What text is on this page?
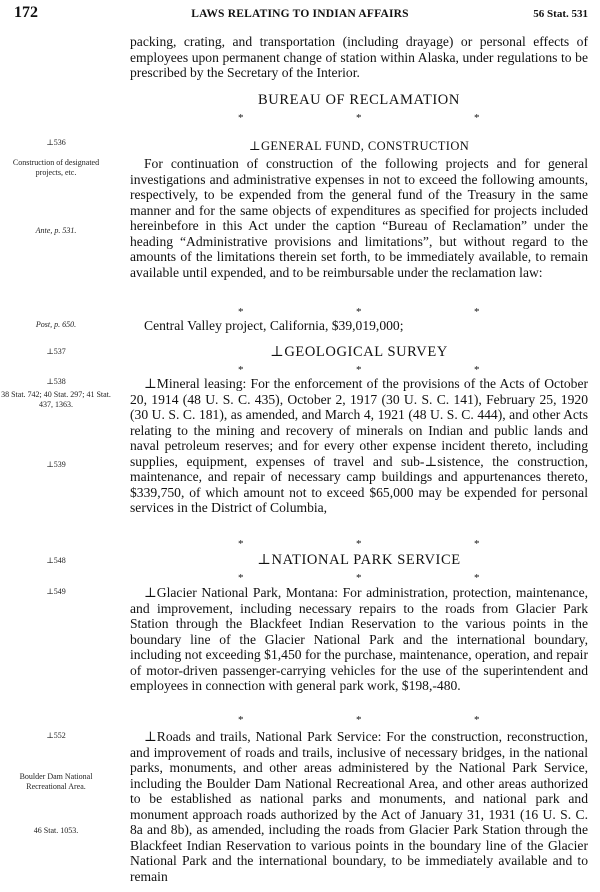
172	LAWS RELATING TO INDIAN AFFAIRS	56 Stat. 531
packing, crating, and transportation (including drayage) or personal effects of employees upon permanent change of station within Alaska, under regulations to be prescribed by the Secretary of the Interior.
BUREAU OF RECLAMATION
*	*	*
⊥536	⊥GENERAL FUND, CONSTRUCTION
Construction of designated projects, etc.
Ante, p. 531.
For continuation of construction of the following projects and for general investigations and administrative expenses in not to exceed the following amounts, respectively, to be expended from the general fund of the Treasury in the same manner and for the same objects of expenditures as specified for projects included hereinbefore in this Act under the caption “Bureau of Reclamation” under the heading “Administrative provisions and limitations”, but without regard to the amounts of the limitations therein set forth, to be immediately available, to remain available until expended, and to be reimbursable under the reclamation law:
*	*	*
Post, p. 650.	Central Valley project, California, $39,019,000;
⊥537	⊥GEOLOGICAL SURVEY
*	*	*
⊥538
38 Stat. 742; 40 Stat. 297; 41 Stat. 437, 1363.
⊥539
⊥Mineral leasing: For the enforcement of the provisions of the Acts of October 20, 1914 (48 U. S. C. 435), October 2, 1917 (30 U. S. C. 141), February 25, 1920 (30 U. S. C. 181), as amended, and March 4, 1921 (48 U. S. C. 444), and other Acts relating to the mining and recovery of minerals on Indian and public lands and naval petroleum reserves; and for every other expense incident thereto, including supplies, equipment, expenses of travel and sub-⊥sistence, the construction, maintenance, and repair of necessary camp buildings and appurtenances thereto, $339,750, of which amount not to exceed $65,000 may be expended for personal services in the District of Columbia,
*	*	*
⊥548	⊥NATIONAL PARK SERVICE
*	*	*
⊥549	⊥Glacier National Park, Montana: For administration, protection, maintenance, and improvement, including necessary repairs to the roads from Glacier Park Station through the Blackfeet Indian Reservation to the various points in the boundary line of the Glacier National Park and the international boundary, including not exceeding $1,450 for the purchase, maintenance, operation, and repair of motor-driven passenger-carrying vehicles for the use of the superintendent and employees in connection with general park work, $198,-480.
*	*	*
⊥552
Boulder Dam National Recreational Area.
46 Stat. 1053.
⊥Roads and trails, National Park Service: For the construction, reconstruction, and improvement of roads and trails, inclusive of necessary bridges, in the national parks, monuments, and other areas administered by the National Park Service, including the Boulder Dam National Recreational Area, and other areas authorized to be established as national parks and monuments, and national park and monument approach roads authorized by the Act of January 31, 1931 (16 U. S. C. 8a and 8b), as amended, including the roads from Glacier Park Station through the Blackfeet Indian Reservation to various points in the boundary line of the Glacier National Park and the international boundary, to be immediately available and to remain
